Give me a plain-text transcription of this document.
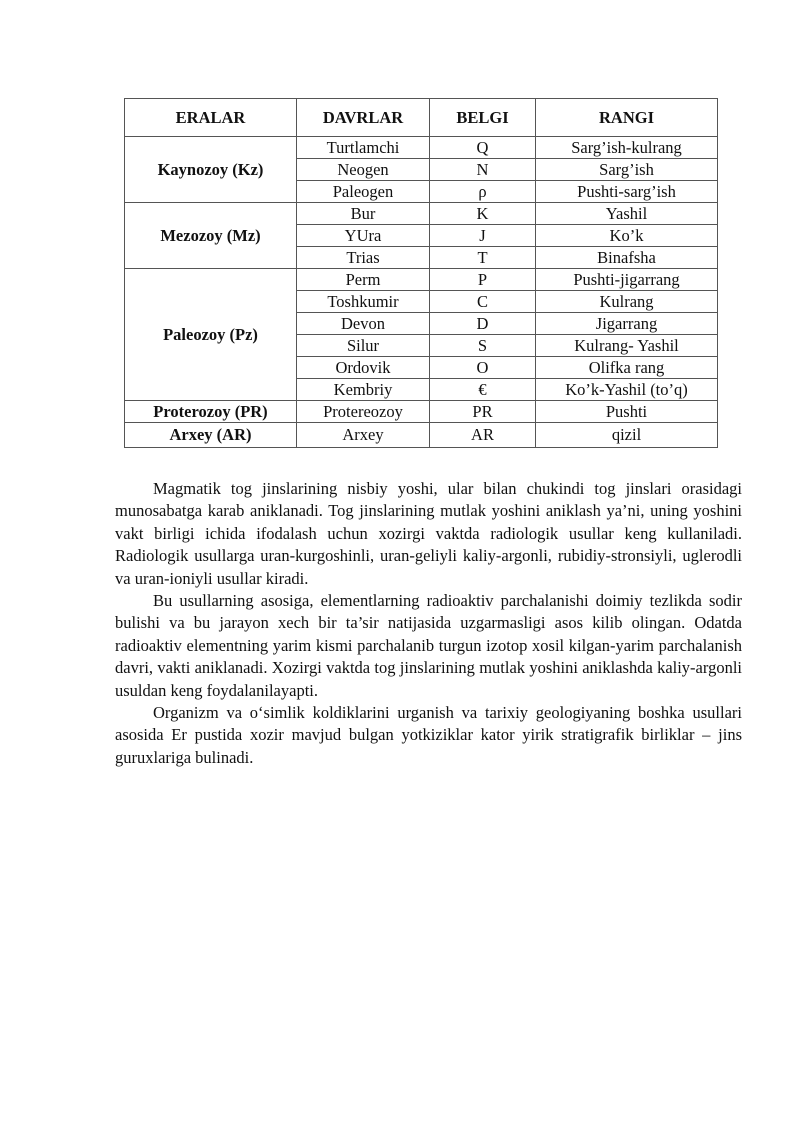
ERALAR	DAVRLAR	BELGI	RANGI
Kaynozoy (Kz)	Turtlamchi	Q	Sarg’ish-kulrang
	Neogen	N	Sarg’ish
	Paleogen	ρ	Pushti-sarg’ish
Mezozoy (Mz)	Bur	K	Yashil
	YUra	J	Ko’k
	Trias	T	Binafsha
Paleozoy (Pz)	Perm	P	Pushti-jigarrang
	Toshkumir	C	Kulrang
	Devon	D	Jigarrang
	Silur	S	Kulrang- Yashil
	Ordovik	O	Olifka rang
	Kembriy	€	Ko’k-Yashil (to’q)
Proterozoy (PR)	Protereozoy	PR	Pushti
Arxey (AR)	Arxey	AR	qizil

Magmatik tog jinslarining nisbiy yoshi, ular bilan chukindi tog jinslari orasidagi munosabatga karab aniklanadi. Tog jinslarining mutlak yoshini aniklash ya’ni, uning yoshini vakt birligi ichida ifodalash uchun xozirgi vaktda radiologik usullar keng kullaniladi. Radiologik usullarga uran-kurgoshinli, uran-geliyli kaliy-argonli, rubidiy-stronsiyli, uglerodli va uran-ioniyli usullar kiradi.

Bu usullarning asosiga, elementlarning radioaktiv parchalanishi doimiy tezlikda sodir bulishi va bu jarayon xech bir ta’sir natijasida uzgarmasligi asos kilib olingan. Odatda radioaktiv elementning yarim kismi parchalanib turgun izotop xosil kilgan-yarim parchalanish davri, vakti aniklanadi. Xozirgi vaktda tog jinslarining mutlak yoshini aniklashda kaliy-argonli usuldan keng foydalanilayapti.

Organizm va o‘simlik koldiklarini urganish va tarixiy geologiyaning boshka usullari asosida Er pustida xozir mavjud bulgan yotkiziklar kator yirik stratigrafik birliklar – jins guruxlariga bulinadi.
